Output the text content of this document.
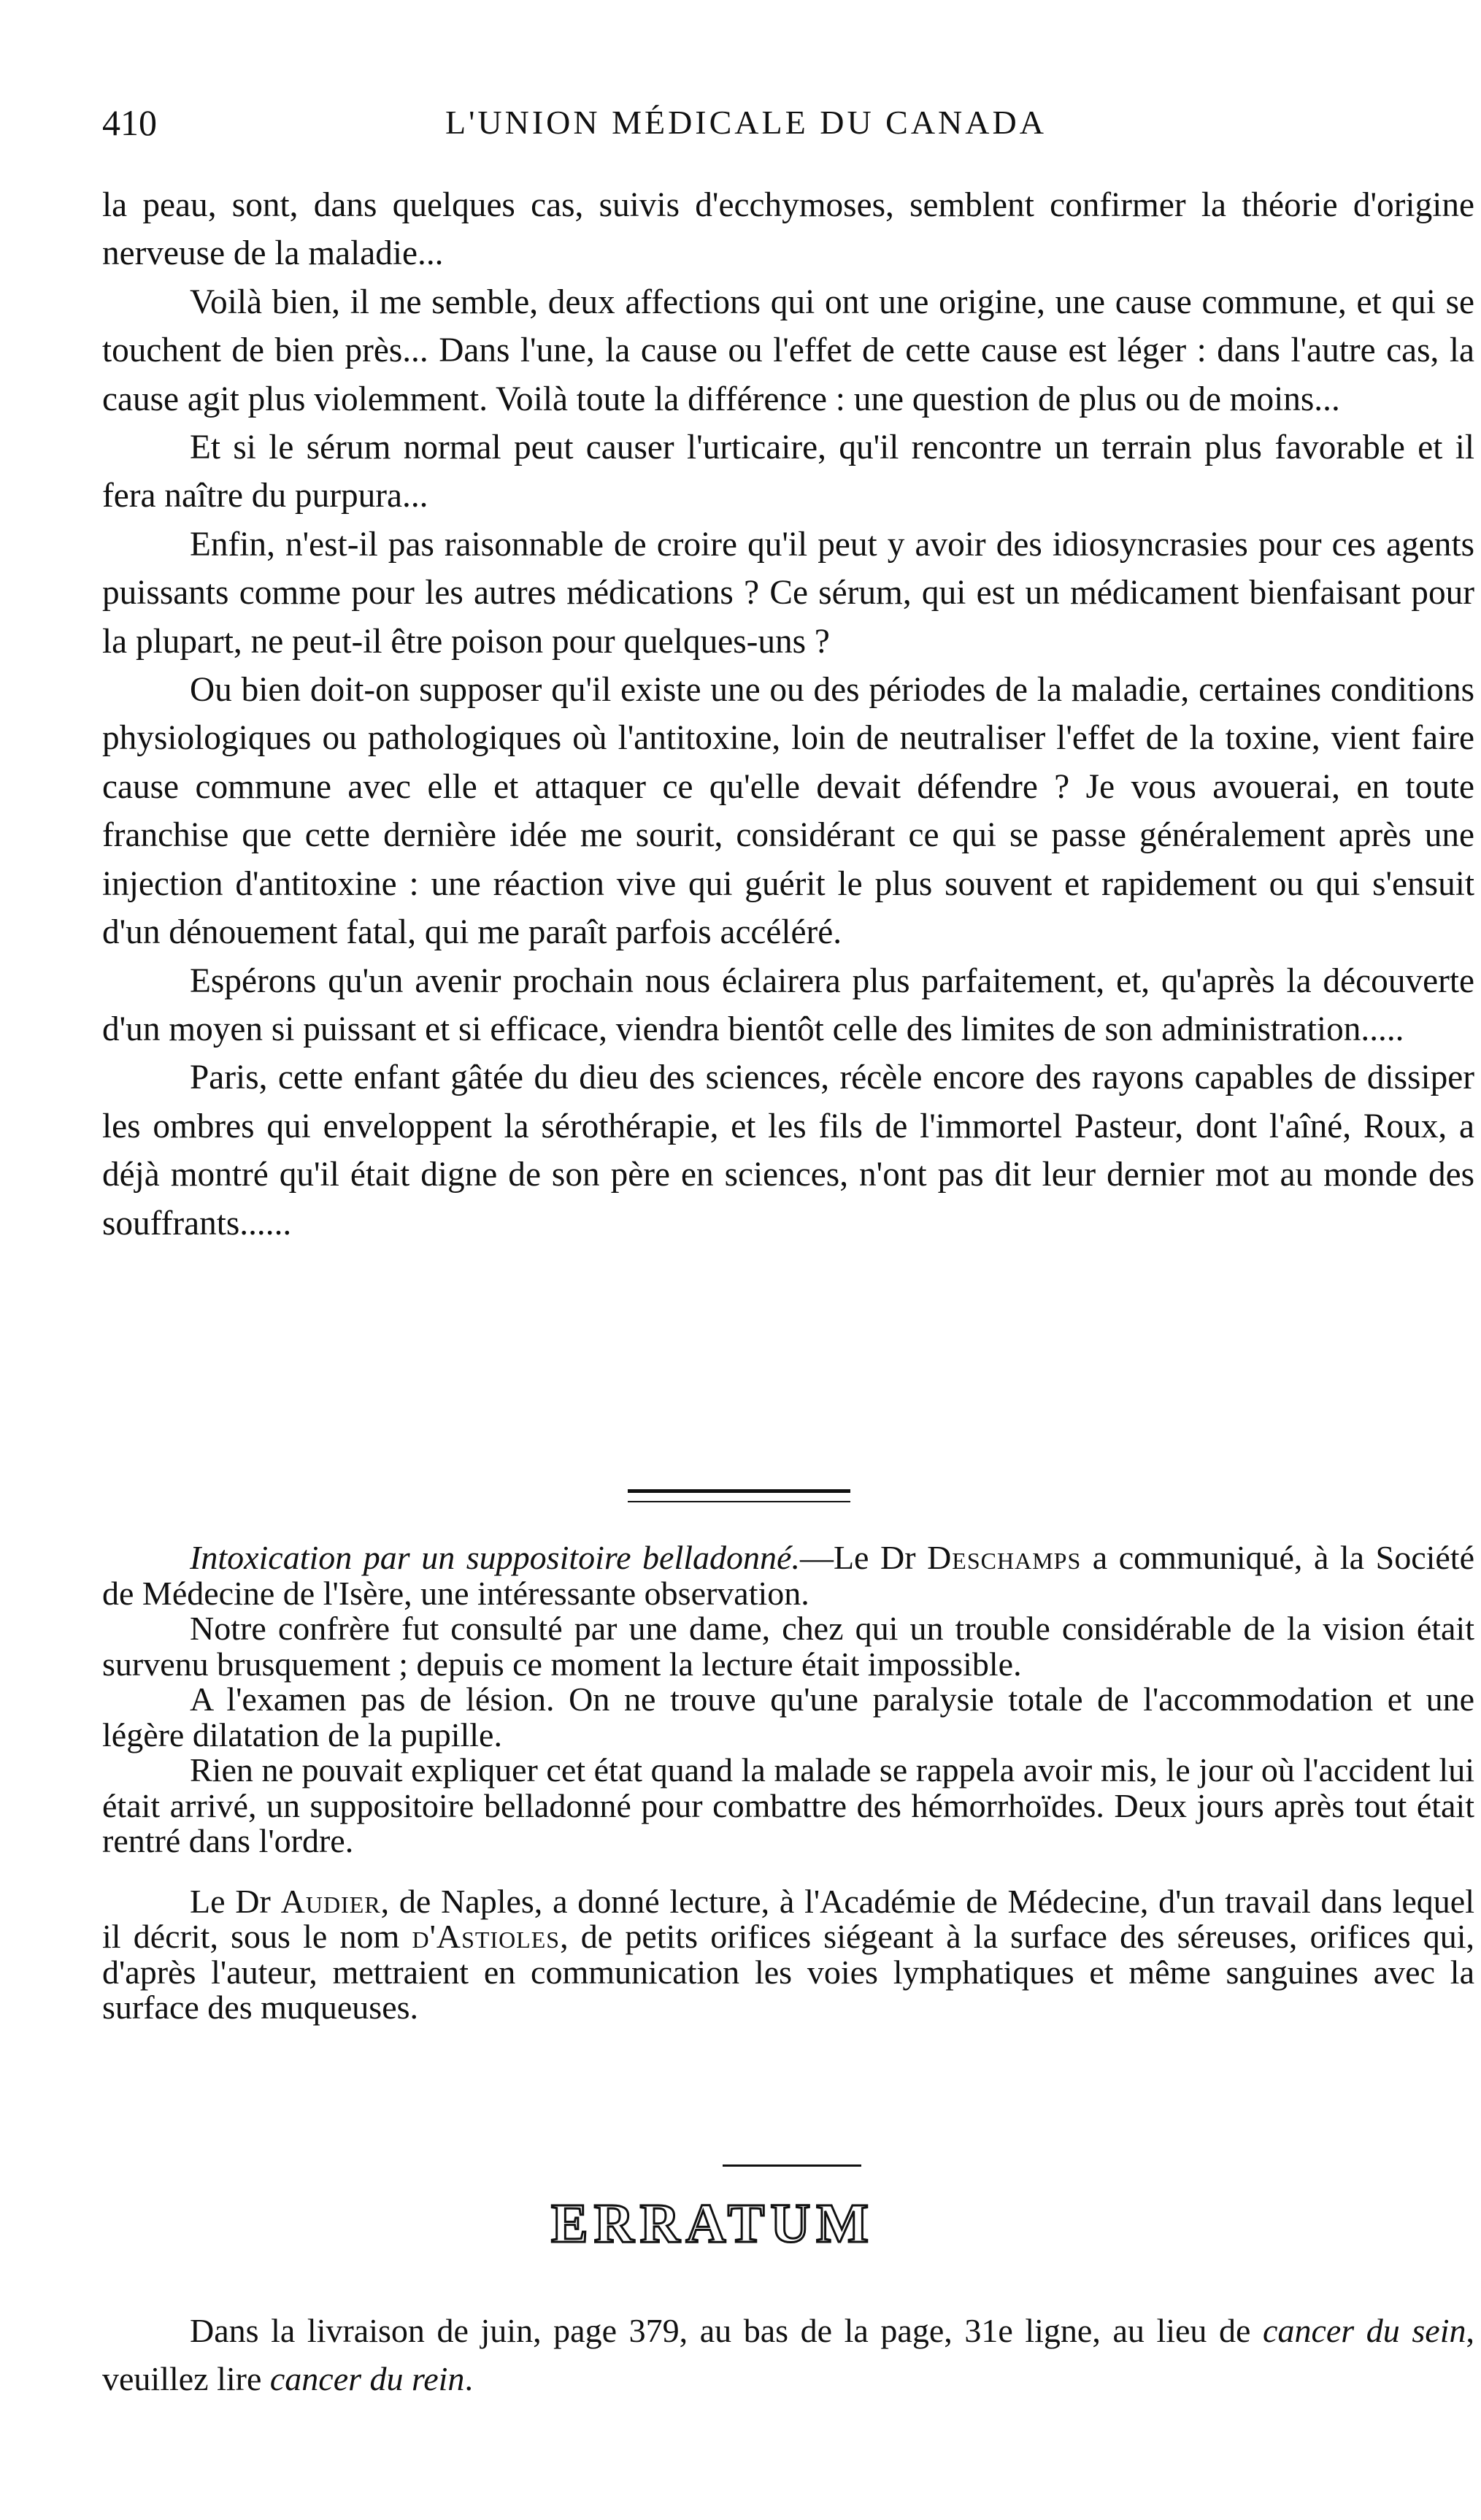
410	L'UNION MÉDICALE DU CANADA

la peau, sont, dans quelques cas, suivis d'ecchymoses, semblent confirmer la théorie d'origine nerveuse de la maladie...

Voilà bien, il me semble, deux affections qui ont une origine, une cause commune, et qui se touchent de bien près... Dans l'une, la cause ou l'effet de cette cause est léger : dans l'autre cas, la cause agit plus violemment. Voilà toute la différence : une question de plus ou de moins...

Et si le sérum normal peut causer l'urticaire, qu'il rencontre un terrain plus favorable et il fera naître du purpura...

Enfin, n'est-il pas raisonnable de croire qu'il peut y avoir des idiosyncrasies pour ces agents puissants comme pour les autres médications ? Ce sérum, qui est un médicament bienfaisant pour la plupart, ne peut-il être poison pour quelques-uns ?

Ou bien doit-on supposer qu'il existe une ou des périodes de la maladie, certaines conditions physiologiques ou pathologiques où l'antitoxine, loin de neutraliser l'effet de la toxine, vient faire cause commune avec elle et attaquer ce qu'elle devait défendre ? Je vous avouerai, en toute franchise que cette dernière idée me sourit, considérant ce qui se passe généralement après une injection d'antitoxine : une réaction vive qui guérit le plus souvent et rapidement ou qui s'ensuit d'un dénouement fatal, qui me paraît parfois accéléré.

Espérons qu'un avenir prochain nous éclairera plus parfaitement, et, qu'après la découverte d'un moyen si puissant et si efficace, viendra bientôt celle des limites de son administration.....

Paris, cette enfant gâtée du dieu des sciences, récèle encore des rayons capables de dissiper les ombres qui enveloppent la sérothérapie, et les fils de l'immortel Pasteur, dont l'aîné, Roux, a déjà montré qu'il était digne de son père en sciences, n'ont pas dit leur dernier mot au monde des souffrants......

Intoxication par un suppositoire belladonné.—Le Dr Deschamps a communiqué, à la Société de Médecine de l'Isère, une intéressante observation.

Notre confrère fut consulté par une dame, chez qui un trouble considérable de la vision était survenu brusquement ; depuis ce moment la lecture était impossible.

A l'examen pas de lésion. On ne trouve qu'une paralysie totale de l'accommodation et une légère dilatation de la pupille.

Rien ne pouvait expliquer cet état quand la malade se rappela avoir mis, le jour où l'accident lui était arrivé, un suppositoire belladonné pour combattre des hémorrhoïdes. Deux jours après tout était rentré dans l'ordre.

Le Dr Audier, de Naples, a donné lecture, à l'Académie de Médecine, d'un travail dans lequel il décrit, sous le nom d'Astioles, de petits orifices siégeant à la surface des séreuses, orifices qui, d'après l'auteur, mettraient en communication les voies lymphatiques et même sanguines avec la surface des muqueuses.

ERRATUM

Dans la livraison de juin, page 379, au bas de la page, 31e ligne, au lieu de cancer du sein, veuillez lire cancer du rein.
